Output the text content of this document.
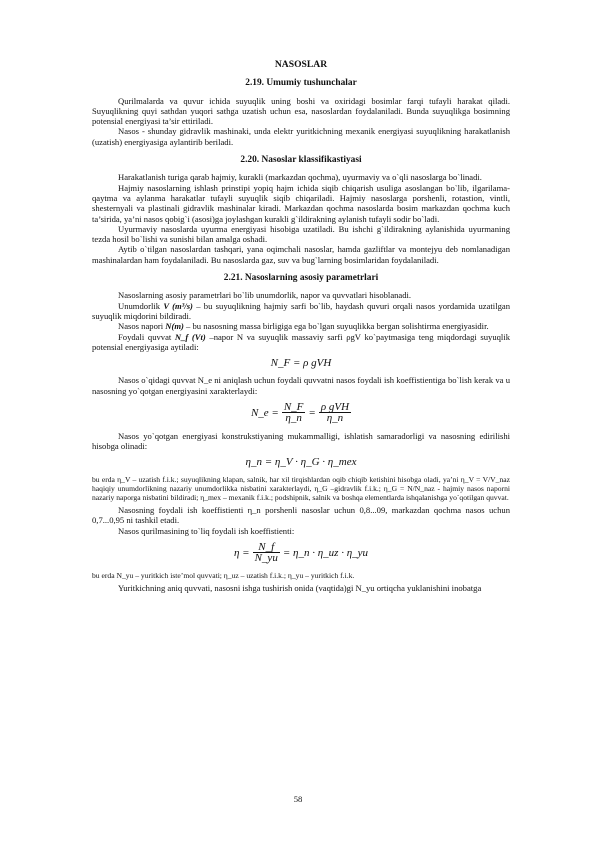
NASOSLAR
2.19. Umumiy tushunchalar

Qurilmalarda va quvur ichida suyuqlik uning boshi va oxiridagi bosimlar farqi tufayli harakat qiladi. Suyuqlikning quyi sathdan yuqori sathga uzatish uchun esa, nasoslardan foydalaniladi. Bunda suyuqlikga bosimning potensial energiyasi ta’sir ettiriladi.

Nasos - shunday gidravlik mashinaki, unda elektr yuritkichning mexanik energiyasi suyuqlikning harakatlanish (uzatish) energiyasiga aylantirib beriladi.

2.20. Nasoslar klassifikastiyasi

Harakatlanish turiga qarab hajmiy, kurakli (markazdan qochma), uyurmaviy va o`qli nasoslarga bo`linadi.

Hajmiy nasoslarning ishlash prinstipi yopiq hajm ichida siqib chiqarish usuliga asoslangan bo`lib, ilgarilama-qaytma va aylanma harakatlar tufayli suyuqlik siqib chiqariladi. Hajmiy nasoslarga porshenli, rotastion, vintli, shesternyali va plastinali gidravlik mashinalar kiradi. Markazdan qochma nasoslarda bosim markazdan qochma kuch ta’sirida, ya’ni nasos qobig`i (asosi)ga joylashgan kurakli g`ildirakning aylanish tufayli sodir bo`ladi.

Uyurmaviy nasoslarda uyurma energiyasi hisobiga uzatiladi. Bu ishchi g`ildirakning aylanishida uyurmaning tezda hosil bo`lishi va sunishi bilan amalga oshadi.

Aytib o`tilgan nasoslardan tashqari, yana oqimchali nasoslar, hamda gazliftlar va montejyu deb nomlanadigan mashinalardan ham foydalaniladi. Bu nasoslarda gaz, suv va bug`larning bosimlaridan foydalaniladi.

2.21. Nasoslarning asosiy parametrlari

Nasoslarning asosiy parametrlari bo`lib unumdorlik, napor va quvvatlari hisoblanadi.

Unumdorlik V (m³/s) – bu suyuqlikning hajmiy sarfi bo`lib, haydash quvuri orqali nasos yordamida uzatilgan suyuqlik miqdorini bildiradi.

Nasos napori N(m) – bu nasosning massa birligiga ega bo`lgan suyuqlikka bergan solishtirma energiyasidir.

Foydali quvvat N_f (Vt) –napor N va suyuqlik massaviy sarfi ρgV ko`paytmasiga teng miqdordagi suyuqlik potensial energiyasiga aytiladi:

N_F = ρ gVH

Nasos o`qidagi quvvat N_e ni aniqlash uchun foydali quvvatni nasos foydali ish koeffistientiga bo`lish kerak va u nasosning yo`qotgan energiyasini xarakterlaydi:

N_e = $\frac{N\_F}{\eta\_n} = \frac{\text{ρ gVH}}{\eta\_n}$

Nasos yo`qotgan energiyasi konstrukstiyaning mukammalligi, ishlatish samaradorligi va nasosning edirilishi hisobga olinadi:

η_n = η_V · η_G · η_mex

bu erda η_V – uzatish f.i.k.; suyuqlikning klapan, salnik, har xil tirqishlardan oqib chiqib ketishini hisobga oladi, ya’ni η_V = V/V_naz haqiqiy unumdorlikning nazariy unumdorlikka nisbatini xarakterlaydi, η_G –gidravlik f.i.k.; η_G = N/N_naz - hajmiy nasos naporni nazariy naporga nisbatini bildiradi; η_mex – mexanik f.i.k.; podshipnik, salnik va boshqa elementlarda ishqalanishga yo`qotilgan quvvat.

Nasosning foydali ish koeffistienti η_n porshenli nasoslar uchun 0,8...09, markazdan qochma nasos uchun 0,7...0,95 ni tashkil etadi.

Nasos qurilmasining to`liq foydali ish koeffistienti:

$\eta = \frac{N\_f}{N\_yu}$ = η_n · η_uz · η_yu

bu erda N_yu – yuritkich iste’mol quvvati; η_uz – uzatish f.i.k.; η_yu – yuritkich f.i.k.

Yuritkichning aniq quvvati, nasosni ishga tushirish onida (vaqtida)gi N_yu ortiqcha yuklanishini inobatga

58
